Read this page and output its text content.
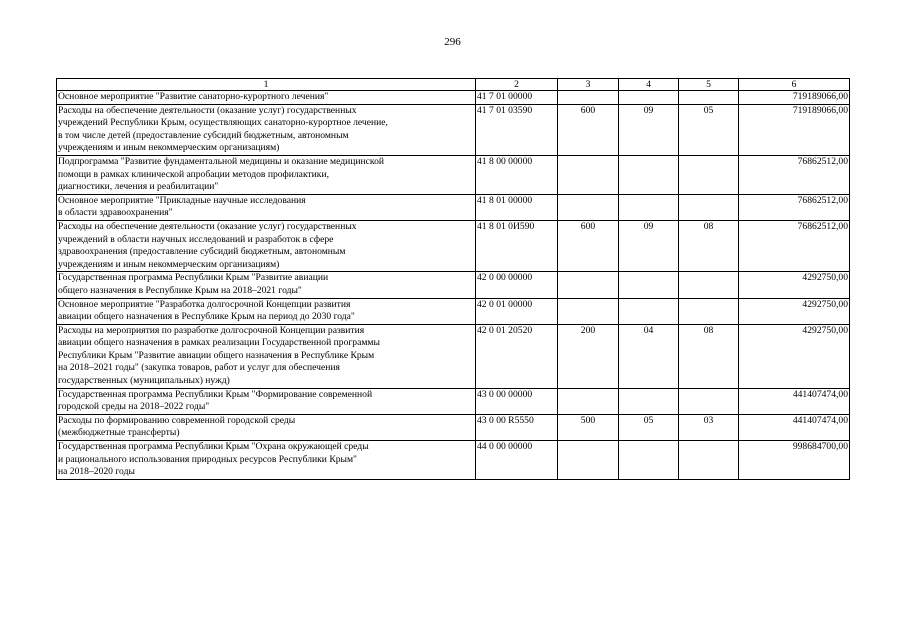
296
1	2	3	4	5	6
Основное мероприятие "Развитие санаторно-курортного лечения"	41 7 01 00000				719189066,00
Расходы на обеспечение деятельности (оказание услуг) государственных
учреждений Республики Крым, осуществляющих санаторно-курортное лечение,
в том числе детей (предоставление субсидий бюджетным, автономным
учреждениям и иным некоммерческим организациям)	41 7 01 03590	600	09	05	719189066,00
Подпрограмма "Развитие фундаментальной медицины и оказание медицинской
помощи в рамках клинической апробации методов профилактики,
диагностики, лечения и реабилитации"	41 8 00 00000				76862512,00
Основное мероприятие "Прикладные научные исследования
в области здравоохранения"	41 8 01 00000				76862512,00
Расходы на обеспечение деятельности (оказание услуг) государственных
учреждений в области научных исследований и разработок в сфере
здравоохранения (предоставление субсидий бюджетным, автономным
учреждениям и иным некоммерческим организациям)	41 8 01 0И590	600	09	08	76862512,00
Государственная программа Республики Крым "Развитие авиации
общего назначения в Республике Крым на 2018–2021 годы"	42 0 00 00000				4292750,00
Основное мероприятие "Разработка долгосрочной Концепции развития
авиации общего назначения в Республике Крым на период до 2030 года"	42 0 01 00000				4292750,00
Расходы на мероприятия по разработке долгосрочной Концепции развития
авиации общего назначения в рамках реализации Государственной программы
Республики Крым "Развитие авиации общего назначения в Республике Крым
на 2018–2021 годы" (закупка товаров, работ и услуг для обеспечения
государственных (муниципальных) нужд)	42 0 01 20520	200	04	08	4292750,00
Государственная программа Республики Крым "Формирование современной
городской среды на 2018–2022 годы"	43 0 00 00000				441407474,00
Расходы по формированию современной городской среды
(межбюджетные трансферты)	43 0 00 R5550	500	05	03	441407474,00
Государственная программа Республики Крым "Охрана окружающей среды
и рационального использования природных ресурсов Республики Крым"
на 2018–2020 годы	44 0 00 00000				998684700,00
